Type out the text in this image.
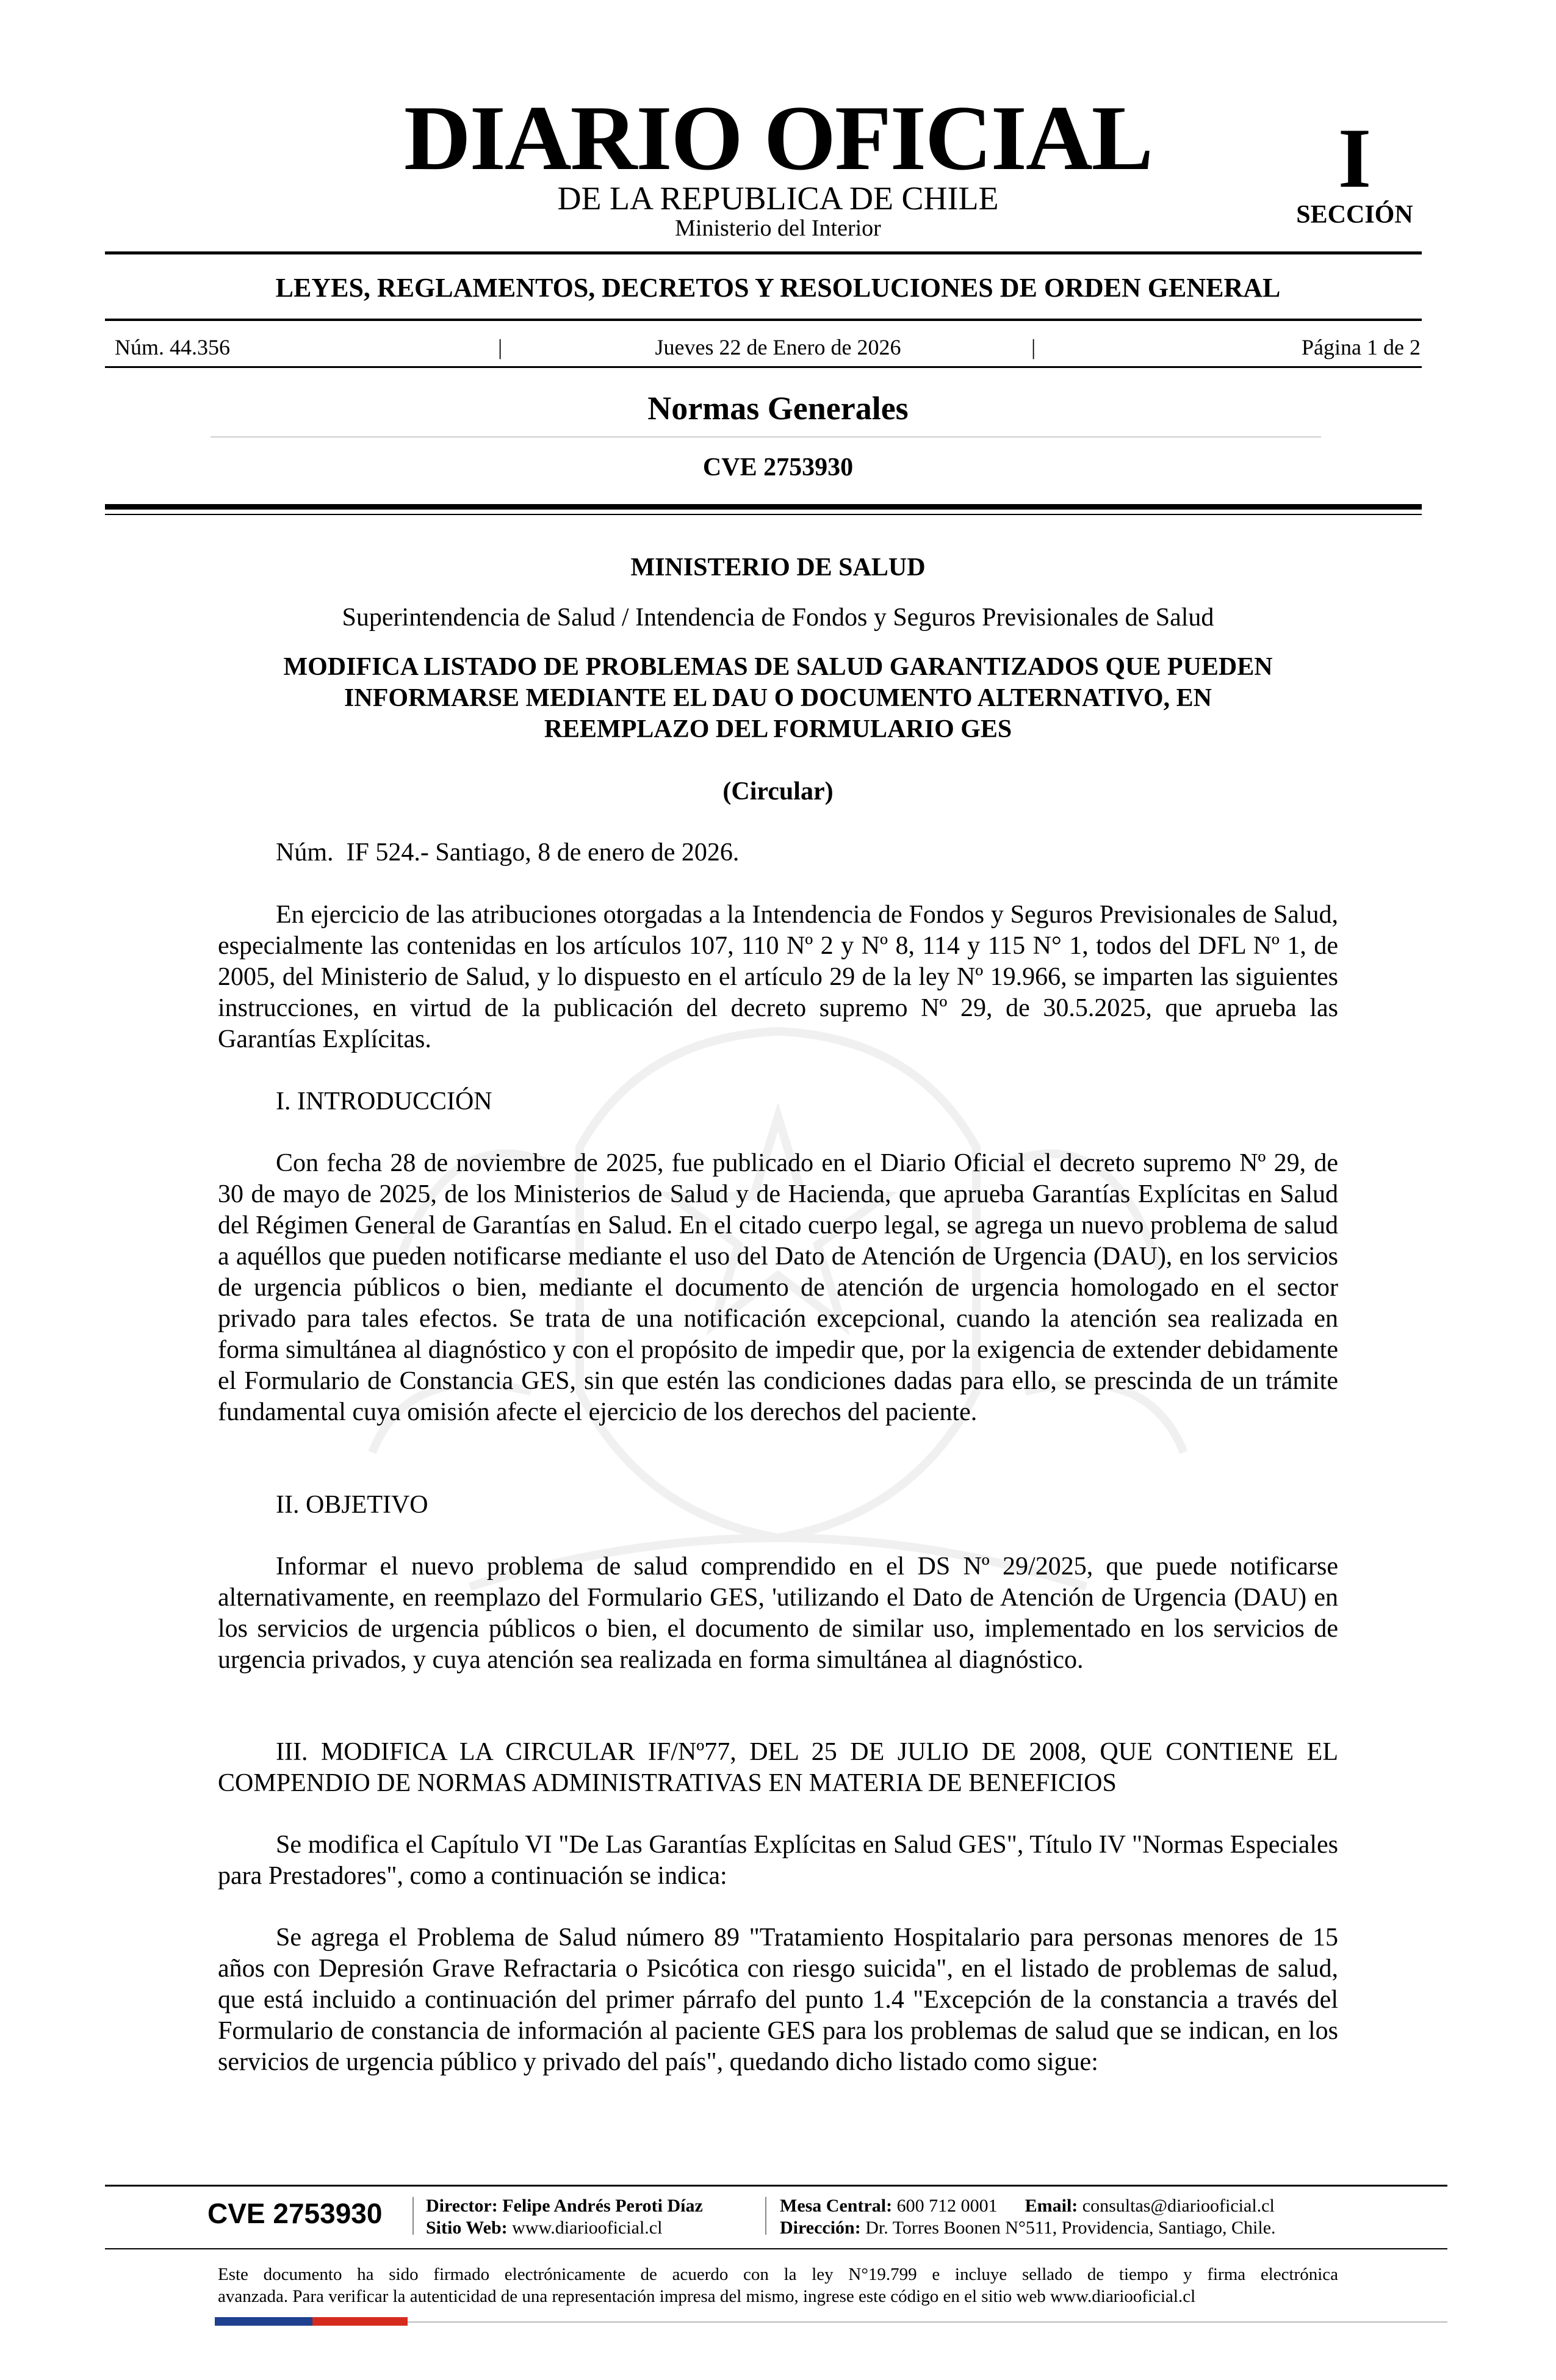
DIARIO OFICIAL
DE LA REPUBLICA DE CHILE
Ministerio del Interior
I
SECCIÓN
LEYES, REGLAMENTOS, DECRETOS Y RESOLUCIONES DE ORDEN GENERAL
Núm. 44.356	|	Jueves 22 de Enero de 2026	|	Página 1 de 2
Normas Generales
CVE 2753930
MINISTERIO DE SALUD
Superintendencia de Salud / Intendencia de Fondos y Seguros Previsionales de Salud
MODIFICA LISTADO DE PROBLEMAS DE SALUD GARANTIZADOS QUE PUEDEN
INFORMARSE MEDIANTE EL DAU O DOCUMENTO ALTERNATIVO, EN
REEMPLAZO DEL FORMULARIO GES
(Circular)
Núm.  IF 524.- Santiago, 8 de enero de 2026.
En ejercicio de las atribuciones otorgadas a la Intendencia de Fondos y Seguros Previsionales de Salud, especialmente las contenidas en los artículos 107, 110 Nº 2 y Nº 8, 114 y 115 N° 1, todos del DFL Nº 1, de 2005, del Ministerio de Salud, y lo dispuesto en el artículo 29 de la ley Nº 19.966, se imparten las siguientes instrucciones, en virtud de la publicación del decreto supremo Nº 29, de 30.5.2025, que aprueba las Garantías Explícitas.
I. INTRODUCCIÓN
Con fecha 28 de noviembre de 2025, fue publicado en el Diario Oficial el decreto supremo Nº 29, de 30 de mayo de 2025, de los Ministerios de Salud y de Hacienda, que aprueba Garantías Explícitas en Salud del Régimen General de Garantías en Salud. En el citado cuerpo legal, se agrega un nuevo problema de salud a aquéllos que pueden notificarse mediante el uso del Dato de Atención de Urgencia (DAU), en los servicios de urgencia públicos o bien, mediante el documento de atención de urgencia homologado en el sector privado para tales efectos. Se trata de una notificación excepcional, cuando la atención sea realizada en forma simultánea al diagnóstico y con el propósito de impedir que, por la exigencia de extender debidamente el Formulario de Constancia GES, sin que estén las condiciones dadas para ello, se prescinda de un trámite fundamental cuya omisión afecte el ejercicio de los derechos del paciente.
II. OBJETIVO
Informar el nuevo problema de salud comprendido en el DS Nº 29/2025, que puede notificarse alternativamente, en reemplazo del Formulario GES, 'utilizando el Dato de Atención de Urgencia (DAU) en los servicios de urgencia públicos o bien, el documento de similar uso, implementado en los servicios de urgencia privados, y cuya atención sea realizada en forma simultánea al diagnóstico.
III. MODIFICA LA CIRCULAR IF/Nº77, DEL 25 DE JULIO DE 2008, QUE CONTIENE EL COMPENDIO DE NORMAS ADMINISTRATIVAS EN MATERIA DE BENEFICIOS
Se modifica el Capítulo VI "De Las Garantías Explícitas en Salud GES", Título IV "Normas Especiales para Prestadores", como a continuación se indica:
Se agrega el Problema de Salud número 89 "Tratamiento Hospitalario para personas menores de 15 años con Depresión Grave Refractaria o Psicótica con riesgo suicida", en el listado de problemas de salud, que está incluido a continuación del primer párrafo del punto 1.4 "Excepción de la constancia a través del Formulario de constancia de información al paciente GES para los problemas de salud que se indican, en los servicios de urgencia público y privado del país", quedando dicho listado como sigue:
CVE 2753930 Director: Felipe Andrés Peroti Díaz
Sitio Web: www.diariooficial.cl
Mesa Central: 600 712 0001 Email: consultas@diariooficial.cl
Dirección: Dr. Torres Boonen N°511, Providencia, Santiago, Chile.
Este documento ha sido firmado electrónicamente de acuerdo con la ley N°19.799 e incluye sellado de tiempo y firma electrónica
avanzada. Para verificar la autenticidad de una representación impresa del mismo, ingrese este código en el sitio web www.diariooficial.cl
